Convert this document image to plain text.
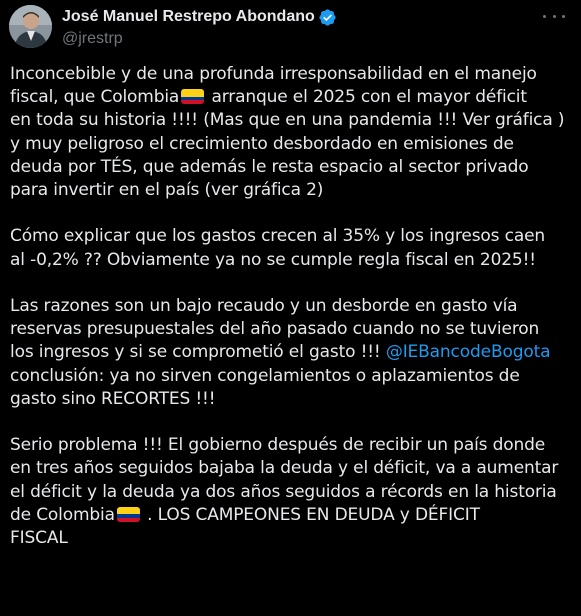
José Manuel Restrepo Abondano
@jrestrp
Inconcebible y de una profunda irresponsabilidad en el manejo
fiscal, que Colombia
arranque el 2025 con el mayor déficit
en toda su historia !!!! (Mas que en una pandemia !!! Ver gráfica )
y muy peligroso el crecimiento desbordado en emisiones de
deuda por TÉS, que además le resta espacio al sector privado
para invertir en el país (ver gráfica 2)
Cómo explicar que los gastos crecen al 35% y los ingresos caen
al -0,2% ?? Obviamente ya no se cumple regla fiscal en 2025!!
Las razones son un bajo recaudo y un desborde en gasto vía
reservas presupuestales del año pasado cuando no se tuvieron
los ingresos y si se comprometió el gasto !!! @IEBancodeBogota
conclusión: ya no sirven congelamientos o aplazamientos de
gasto sino RECORTES !!!
Serio problema !!! El gobierno después de recibir un país donde
en tres años seguidos bajaba la deuda y el déficit, va a aumentar
el déficit y la deuda ya dos años seguidos a récords en la historia
de Colombia
. LOS CAMPEONES EN DEUDA y DÉFICIT
FISCAL
